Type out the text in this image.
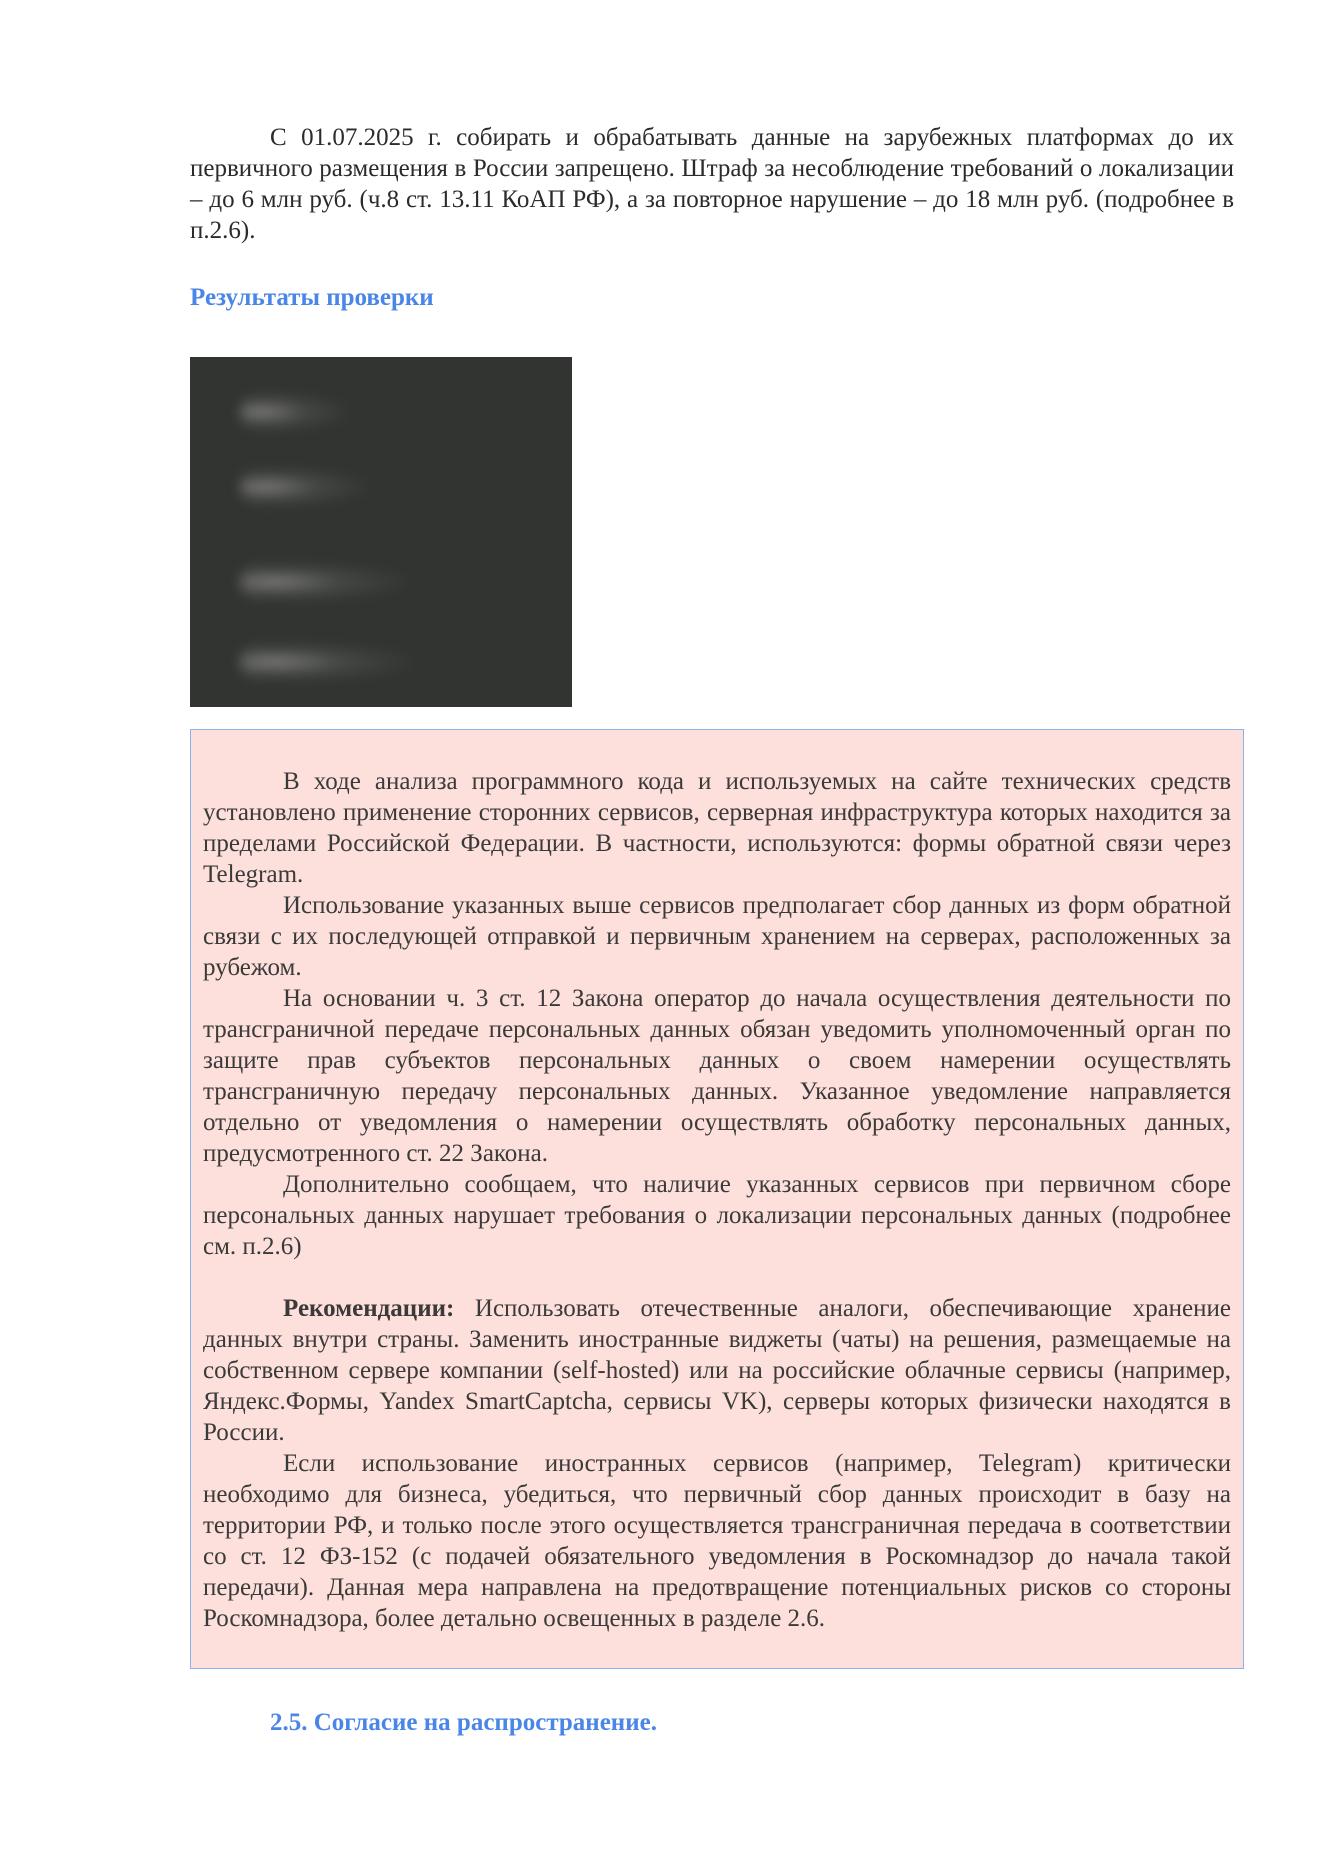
С 01.07.2025 г. собирать и обрабатывать данные на зарубежных платформах до их первичного размещения в России запрещено. Штраф за несоблюдение требований о локализации – до 6 млн руб. (ч.8 ст. 13.11 КоАП РФ), а за повторное нарушение – до 18 млн руб. (подробнее в п.2.6).

Результаты проверки

В ходе анализа программного кода и используемых на сайте технических средств установлено применение сторонних сервисов, серверная инфраструктура которых находится за пределами Российской Федерации. В частности, используются: формы обратной связи через Telegram.

Использование указанных выше сервисов предполагает сбор данных из форм обратной связи с их последующей отправкой и первичным хранением на серверах, расположенных за рубежом.

На основании ч. 3 ст. 12 Закона оператор до начала осуществления деятельности по трансграничной передаче персональных данных обязан уведомить уполномоченный орган по защите прав субъектов персональных данных о своем намерении осуществлять трансграничную передачу персональных данных. Указанное уведомление направляется отдельно от уведомления о намерении осуществлять обработку персональных данных, предусмотренного ст. 22 Закона.

Дополнительно сообщаем, что наличие указанных сервисов при первичном сборе персональных данных нарушает требования о локализации персональных данных (подробнее см. п.2.6)

Рекомендации: Использовать отечественные аналоги, обеспечивающие хранение данных внутри страны. Заменить иностранные виджеты (чаты) на решения, размещаемые на собственном сервере компании (self-hosted) или на российские облачные сервисы (например, Яндекс.Формы, Yandex SmartCaptcha, сервисы VK), серверы которых физически находятся в России.

Если использование иностранных сервисов (например, Telegram) критически необходимо для бизнеса, убедиться, что первичный сбор данных происходит в базу на территории РФ, и только после этого осуществляется трансграничная передача в соответствии со ст. 12 ФЗ-152 (с подачей обязательного уведомления в Роскомнадзор до начала такой передачи). Данная мера направлена на предотвращение потенциальных рисков со стороны Роскомнадзора, более детально освещенных в разделе 2.6.

2.5. Согласие на распространение.
